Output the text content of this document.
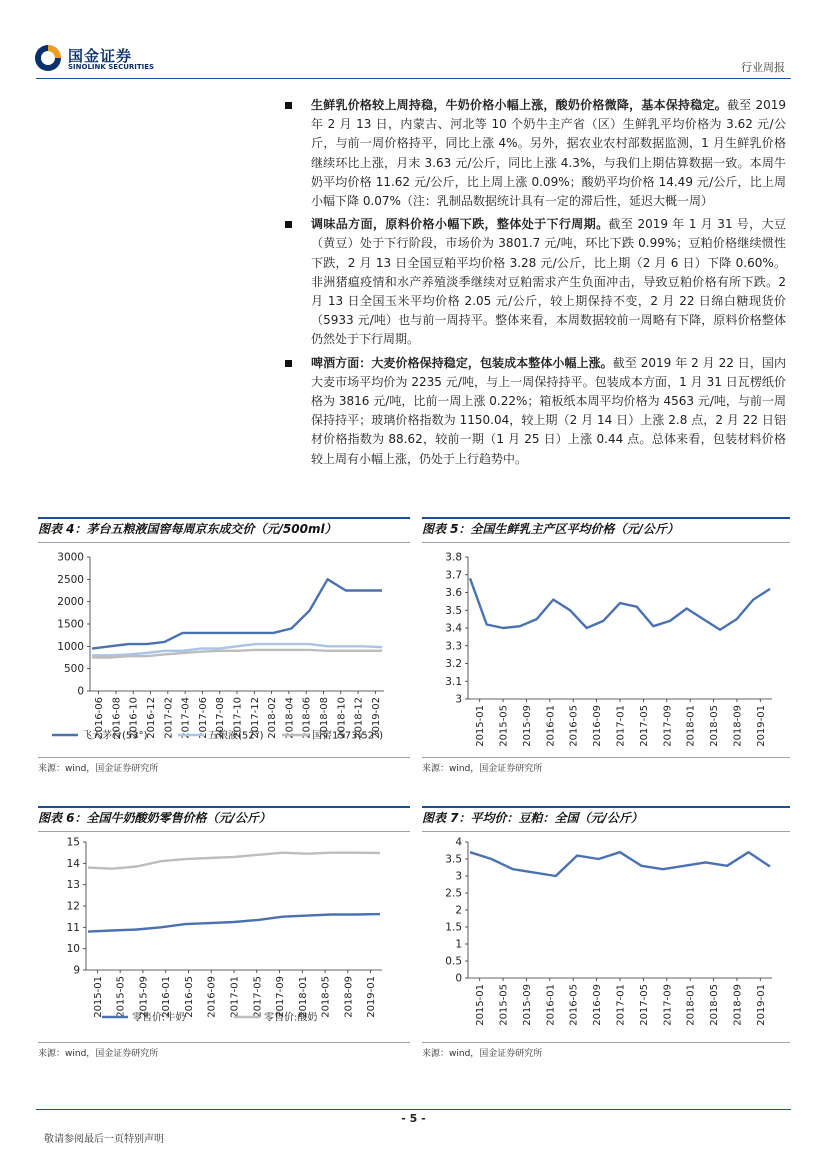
国金证券
SINOLINK SECURITIES	行业周报
生鲜乳价格较上周持稳，牛奶价格小幅上涨，酸奶价格微降，基本保持稳定。截至 2019 年 2 月 13 日，内蒙古、河北等 10 个奶牛主产省（区）生鲜乳平均价格为 3.62 元/公斤，与前一周价格持平，同比上涨 4%。另外，据农业农村部数据监测，1 月生鲜乳价格继续环比上涨，月末 3.63 元/公斤，同比上涨 4.3%，与我们上期估算数据一致。本周牛奶平均价格 11.62 元/公斤，比上周上涨 0.09%；酸奶平均价格 14.49 元/公斤，比上周小幅下降 0.07%（注：乳制品数据统计具有一定的滞后性，延迟大概一周）
调味品方面，原料价格小幅下跌，整体处于下行周期。截至 2019 年 1 月 31 号，大豆（黄豆）处于下行阶段，市场价为 3801.7 元/吨，环比下跌 0.99%；豆粕价格继续惯性下跌，2 月 13 日全国豆粕平均价格 3.28 元/公斤，比上期（2 月 6 日）下降 0.60%。非洲猪瘟疫情和水产养殖淡季继续对豆粕需求产生负面冲击，导致豆粕价格有所下跌。2 月 13 日全国玉米平均价格 2.05 元/公斤，较上期保持不变，2 月 22 日绵白糖现货价（5933 元/吨）也与前一周持平。整体来看，本周数据较前一周略有下降，原料价格整体仍然处于下行周期。
啤酒方面：大麦价格保持稳定，包装成本整体小幅上涨。截至 2019 年 2 月 22 日，国内大麦市场平均价为 2235 元/吨，与上一周保持持平。包装成本方面，1 月 31 日瓦楞纸价格为 3816 元/吨，比前一周上涨 0.22%；箱板纸本周平均价格为 4563 元/吨，与前一周保持持平；玻璃价格指数为 1150.04，较上期（2 月 14 日）上涨 2.8 点，2 月 22 日铝材价格指数为 88.62，较前一期（1 月 25 日）上涨 0.44 点。总体来看，包装材料价格较上周有小幅上涨，仍处于上行趋势中。
图表 4：茅台五粮液国窖每周京东成交价（元/500ml）
0
500
1000
1500
2000
2500
3000
2016-06 2016-08 2016-10 2016-12 2017-02 2017-04 2017-06 2017-08 2017-10 2017-12 2018-02 2018-04 2018-06 2018-08 2018-10 2018-12 2019-02
飞天茅台(53°)	五粮液(52°)	国窖1573(52°)
来源：wind，国金证券研究所
图表 5：全国生鲜乳主产区平均价格（元/公斤）
3
3.1
3.2
3.3
3.4
3.5
3.6
3.7
3.8
2015-01 2015-05 2015-09 2016-01 2016-05 2016-09 2017-01 2017-05 2017-09 2018-01 2018-05 2018-09 2019-01
来源：wind，国金证券研究所
图表 6：全国牛奶酸奶零售价格（元/公斤）
9
10
11
12
13
14
15
2015-01 2015-05 2015-09 2016-01 2016-05 2016-09 2017-01 2017-05 2017-09 2018-01 2018-05 2018-09 2019-01
零售价:牛奶	零售价:酸奶
来源：wind，国金证券研究所
图表 7：平均价：豆粕：全国（元/公斤）
0
0.5
1
1.5
2
2.5
3
3.5
4
2015-01 2015-05 2015-09 2016-01 2016-05 2016-09 2017-01 2017-05 2017-09 2018-01 2018-05 2018-09 2019-01
来源：wind，国金证券研究所
- 5 -
敬请参阅最后一页特别声明
